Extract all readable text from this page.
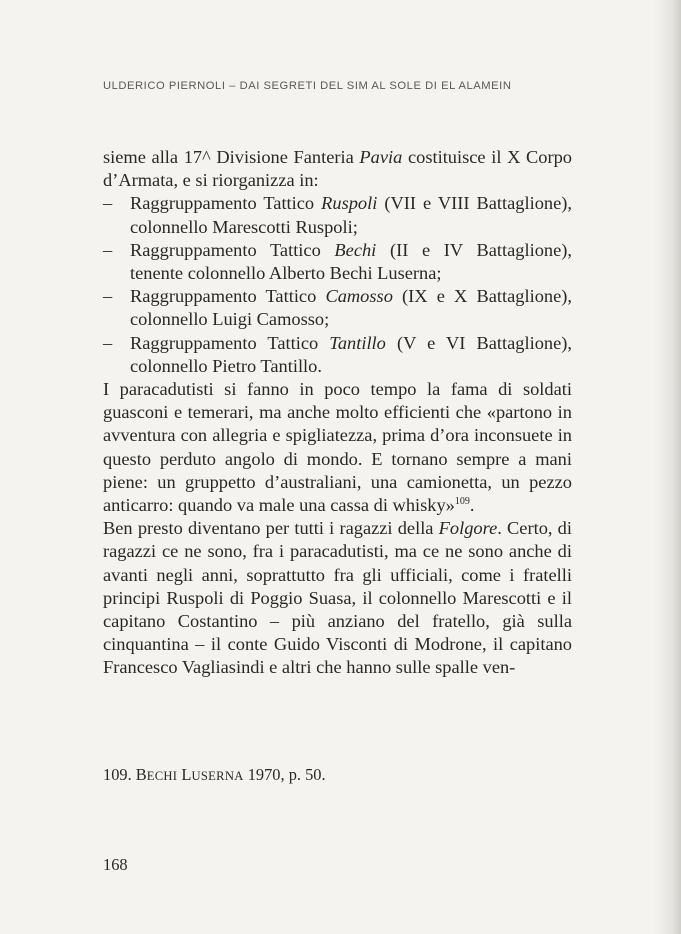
ULDERICO PIERNOLI – DAI SEGRETI DEL SIM AL SOLE DI EL ALAMEIN

sieme alla 17^ Divisione Fanteria Pavia costituisce il X Corpo d’Armata, e si riorganizza in:

– Raggruppamento Tattico Ruspoli (VII e VIII Battaglione), colonnello Marescotti Ruspoli;
– Raggruppamento Tattico Bechi (II e IV Battaglione), tenente colonnello Alberto Bechi Luserna;
– Raggruppamento Tattico Camosso (IX e X Battaglione), colonnello Luigi Camosso;
– Raggruppamento Tattico Tantillo (V e VI Battaglione), colonnello Pietro Tantillo.

I paracadutisti si fanno in poco tempo la fama di soldati guasconi e temerari, ma anche molto efficienti che «partono in avventura con allegria e spigliatezza, prima d’ora inconsuete in questo perduto angolo di mondo. E tornano sempre a mani piene: un gruppetto d’australiani, una camionetta, un pezzo anticarro: quando va male una cassa di whisky»$^{109}$.

Ben presto diventano per tutti i ragazzi della Folgore. Certo, di ragazzi ce ne sono, fra i paracadutisti, ma ce ne sono anche di avanti negli anni, soprattutto fra gli ufficiali, come i fratelli principi Ruspoli di Poggio Suasa, il colonnello Marescotti e il capitano Costantino – più anziano del fratello, già sulla cinquantina – il conte Guido Visconti di Modrone, il capitano Francesco Vagliasindi e altri che hanno sulle spalle ven-

109. BECHI LUSERNA 1970, p. 50.
168
